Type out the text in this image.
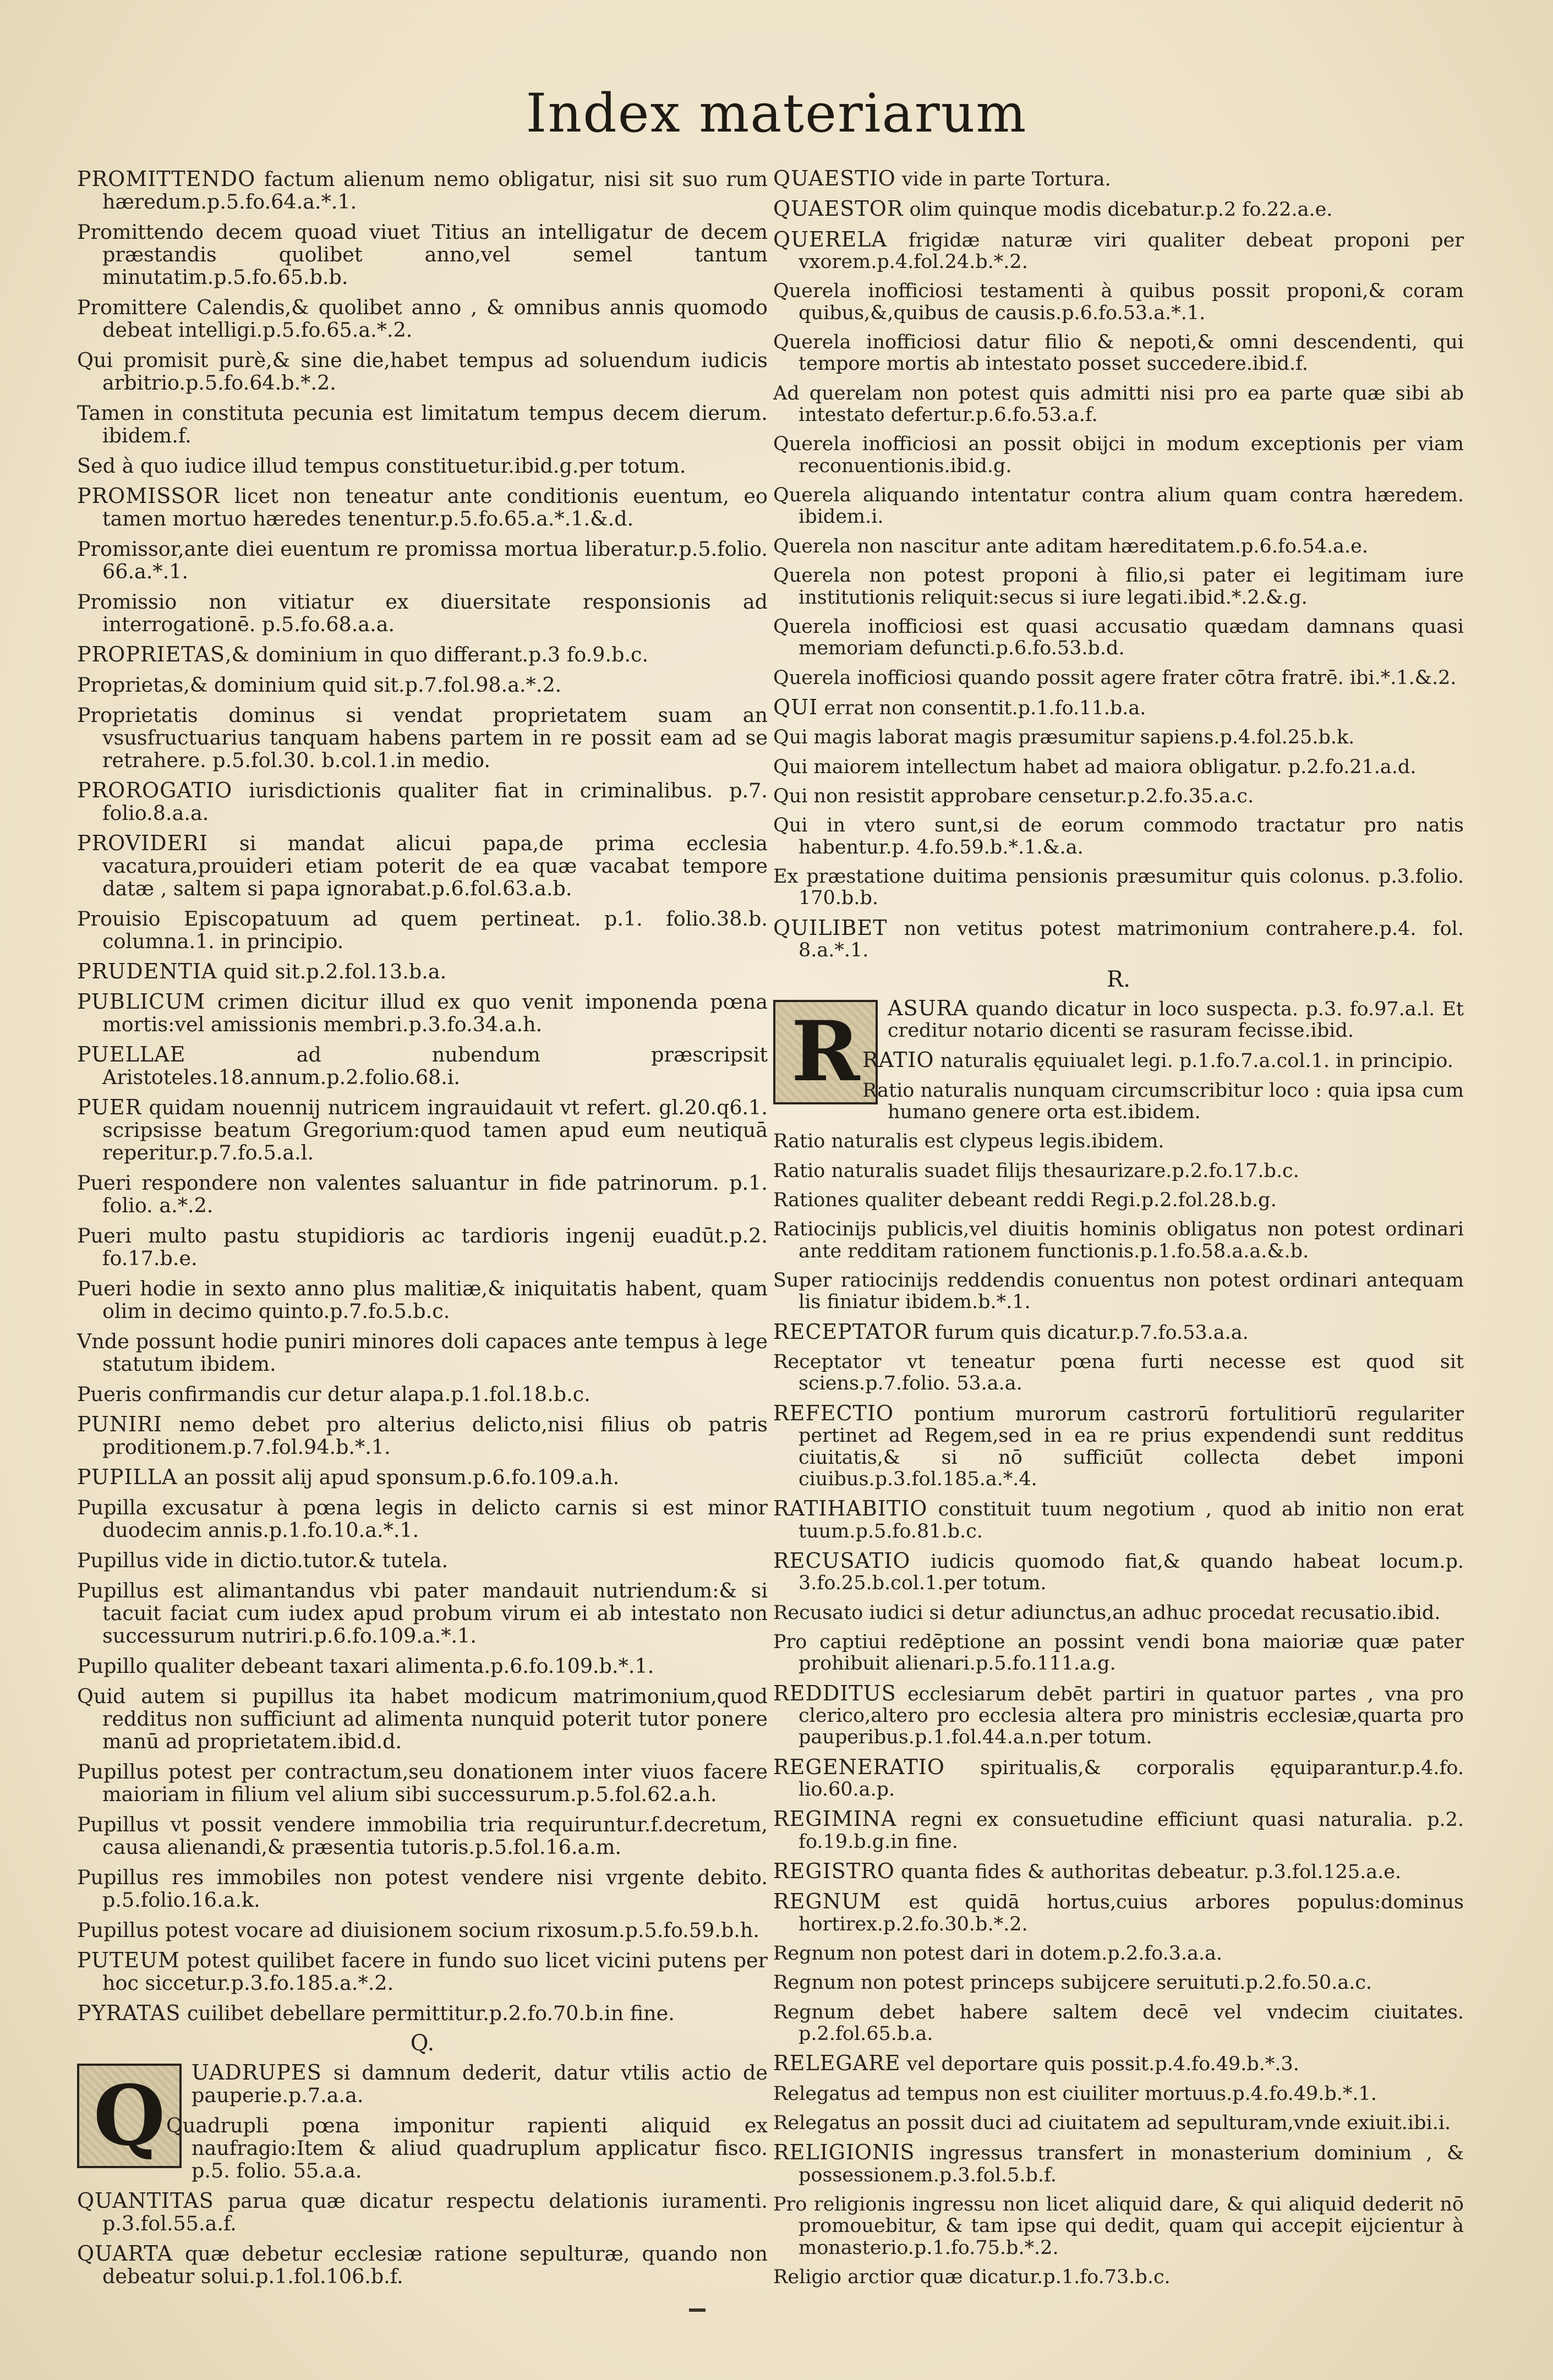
Index materiarum
PROMITTENDO factum alienum nemo obligatur, nisi sit suo rum hæredum.p.5.fo.64.a.*.1.
Promittendo decem quoad viuet Titius an intelligatur de decem præstandis quolibet anno,vel semel tantum minutatim.p.5.fo.65.b.b.
Promittere Calendis,& quolibet anno , & omnibus annis quomodo debeat intelligi.p.5.fo.65.a.*.2.
Qui promisit purè,& sine die,habet tempus ad soluendum iudicis arbitrio.p.5.fo.64.b.*.2.
Tamen in constituta pecunia est limitatum tempus decem dierum. ibidem.f.
Sed à quo iudice illud tempus constituetur.ibid.g.per totum.
PROMISSOR licet non teneatur ante conditionis euentum, eo tamen mortuo hæredes tenentur.p.5.fo.65.a.*.1.&.d.
Promissor,ante diei euentum re promissa mortua liberatur.p.5.folio. 66.a.*.1.
Promissio non vitiatur ex diuersitate responsionis ad interrogationē. p.5.fo.68.a.a.
PROPRIETAS,& dominium in quo differant.p.3 fo.9.b.c.
Proprietas,& dominium quid sit.p.7.fol.98.a.*.2.
Proprietatis dominus si vendat proprietatem suam an vsusfructuarius tanquam habens partem in re possit eam ad se retrahere. p.5.fol.30. b.col.1.in medio.
PROROGATIO iurisdictionis qualiter fiat in criminalibus. p.7. folio.8.a.a.
PROVIDERI si mandat alicui papa,de prima ecclesia vacatura,prouideri etiam poterit de ea quæ vacabat tempore datæ , saltem si papa ignorabat.p.6.fol.63.a.b.
Prouisio Episcopatuum ad quem pertineat. p.1. folio.38.b. columna.1. in principio.
PRUDENTIA quid sit.p.2.fol.13.b.a.
PUBLICUM crimen dicitur illud ex quo venit imponenda pœna mortis:vel amissionis membri.p.3.fo.34.a.h.
PUELLAE ad nubendum præscripsit Aristoteles.18.annum.p.2.folio.68.i.
PUER quidam nouennij nutricem ingrauidauit vt refert. gl.20.q6.1. scripsisse beatum Gregorium:quod tamen apud eum neutiquā reperitur.p.7.fo.5.a.l.
Pueri respondere non valentes saluantur in fide patrinorum. p.1. folio. a.*.2.
Pueri multo pastu stupidioris ac tardioris ingenij euadūt.p.2. fo.17.b.e.
Pueri hodie in sexto anno plus malitiæ,& iniquitatis habent, quam olim in decimo quinto.p.7.fo.5.b.c.
Vnde possunt hodie puniri minores doli capaces ante tempus à lege statutum ibidem.
Pueris confirmandis cur detur alapa.p.1.fol.18.b.c.
PUNIRI nemo debet pro alterius delicto,nisi filius ob patris proditionem.p.7.fol.94.b.*.1.
PUPILLA an possit alij apud sponsum.p.6.fo.109.a.h.
Pupilla excusatur à pœna legis in delicto carnis si est minor duodecim annis.p.1.fo.10.a.*.1.
Pupillus vide in dictio.tutor.& tutela.
Pupillus est alimantandus vbi pater mandauit nutriendum:& si tacuit faciat cum iudex apud probum virum ei ab intestato non successurum nutriri.p.6.fo.109.a.*.1.
Pupillo qualiter debeant taxari alimenta.p.6.fo.109.b.*.1.
Quid autem si pupillus ita habet modicum matrimonium,quod redditus non sufficiunt ad alimenta nunquid poterit tutor ponere manū ad proprietatem.ibid.d.
Pupillus potest per contractum,seu donationem inter viuos facere maioriam in filium vel alium sibi successurum.p.5.fol.62.a.h.
Pupillus vt possit vendere immobilia tria requiruntur.f.decretum, causa alienandi,& præsentia tutoris.p.5.fol.16.a.m.
Pupillus res immobiles non potest vendere nisi vrgente debito. p.5.folio.16.a.k.
Pupillus potest vocare ad diuisionem socium rixosum.p.5.fo.59.b.h.
PUTEUM potest quilibet facere in fundo suo licet vicini putens per hoc siccetur.p.3.fo.185.a.*.2.
PYRATAS cuilibet debellare permittitur.p.2.fo.70.b.in fine.
Q.
Q	UADRUPES si damnum dederit, datur vtilis actio de pauperie.p.7.a.a.
Quadrupli pœna imponitur rapienti aliquid ex naufragio:Item & aliud quadruplum applicatur fisco. p.5. folio. 55.a.a.
QUANTITAS parua quæ dicatur respectu delationis iuramenti. p.3.fol.55.a.f.
QUARTA quæ debetur ecclesiæ ratione sepulturæ, quando non debeatur solui.p.1.fol.106.b.f.
QUAESTIO vide in parte Tortura.
QUAESTOR olim quinque modis dicebatur.p.2 fo.22.a.e.
QUERELA frigidæ naturæ viri qualiter debeat proponi per vxorem.p.4.fol.24.b.*.2.
Querela inofficiosi testamenti à quibus possit proponi,& coram quibus,&,quibus de causis.p.6.fo.53.a.*.1.
Querela inofficiosi datur filio & nepoti,& omni descendenti, qui tempore mortis ab intestato posset succedere.ibid.f.
Ad querelam non potest quis admitti nisi pro ea parte quæ sibi ab intestato defertur.p.6.fo.53.a.f.
Querela inofficiosi an possit obijci in modum exceptionis per viam reconuentionis.ibid.g.
Querela aliquando intentatur contra alium quam contra hæredem. ibidem.i.
Querela non nascitur ante aditam hæreditatem.p.6.fo.54.a.e.
Querela non potest proponi à filio,si pater ei legitimam iure institutionis reliquit:secus si iure legati.ibid.*.2.&.g.
Querela inofficiosi est quasi accusatio quædam damnans quasi memoriam defuncti.p.6.fo.53.b.d.
Querela inofficiosi quando possit agere frater cōtra fratrē. ibi.*.1.&.2.
QUI errat non consentit.p.1.fo.11.b.a.
Qui magis laborat magis præsumitur sapiens.p.4.fol.25.b.k.
Qui maiorem intellectum habet ad maiora obligatur. p.2.fo.21.a.d.
Qui non resistit approbare censetur.p.2.fo.35.a.c.
Qui in vtero sunt,si de eorum commodo tractatur pro natis habentur.p. 4.fo.59.b.*.1.&.a.
Ex præstatione duitima pensionis præsumitur quis colonus. p.3.folio. 170.b.b.
QUILIBET non vetitus potest matrimonium contrahere.p.4. fol. 8.a.*.1.
R.
R	ASURA quando dicatur in loco suspecta. p.3. fo.97.a.l. Et creditur notario dicenti se rasuram fecisse.ibid.
RATIO naturalis ęquiualet legi. p.1.fo.7.a.col.1. in principio.
Ratio naturalis nunquam circumscribitur loco : quia ipsa cum humano genere orta est.ibidem.
Ratio naturalis est clypeus legis.ibidem.
Ratio naturalis suadet filijs thesaurizare.p.2.fo.17.b.c.
Rationes qualiter debeant reddi Regi.p.2.fol.28.b.g.
Ratiocinijs publicis,vel diuitis hominis obligatus non potest ordinari ante redditam rationem functionis.p.1.fo.58.a.a.&.b.
Super ratiocinijs reddendis conuentus non potest ordinari antequam lis finiatur ibidem.b.*.1.
RECEPTATOR furum quis dicatur.p.7.fo.53.a.a.
Receptator vt teneatur pœna furti necesse est quod sit sciens.p.7.folio. 53.a.a.
REFECTIO pontium murorum castrorū fortulitiorū regulariter pertinet ad Regem,sed in ea re prius expendendi sunt redditus ciuitatis,& si nō sufficiūt collecta debet imponi ciuibus.p.3.fol.185.a.*.4.
RATIHABITIO constituit tuum negotium , quod ab initio non erat tuum.p.5.fo.81.b.c.
RECUSATIO iudicis quomodo fiat,& quando habeat locum.p. 3.fo.25.b.col.1.per totum.
Recusato iudici si detur adiunctus,an adhuc procedat recusatio.ibid.
Pro captiui redēptione an possint vendi bona maioriæ quæ pater prohibuit alienari.p.5.fo.111.a.g.
REDDITUS ecclesiarum debēt partiri in quatuor partes , vna pro clerico,altero pro ecclesia altera pro ministris ecclesiæ,quarta pro pauperibus.p.1.fol.44.a.n.per totum.
REGENERATIO spiritualis,& corporalis ęquiparantur.p.4.fo. lio.60.a.p.
REGIMINA regni ex consuetudine efficiunt quasi naturalia. p.2. fo.19.b.g.in fine.
REGISTRO quanta fides & authoritas debeatur. p.3.fol.125.a.e.
REGNUM est quidā hortus,cuius arbores populus:dominus hortirex.p.2.fo.30.b.*.2.
Regnum non potest dari in dotem.p.2.fo.3.a.a.
Regnum non potest princeps subijcere seruituti.p.2.fo.50.a.c.
Regnum debet habere saltem decē vel vndecim ciuitates. p.2.fol.65.b.a.
RELEGARE vel deportare quis possit.p.4.fo.49.b.*.3.
Relegatus ad tempus non est ciuiliter mortuus.p.4.fo.49.b.*.1.
Relegatus an possit duci ad ciuitatem ad sepulturam,vnde exiuit.ibi.i.
RELIGIONIS ingressus transfert in monasterium dominium , & possessionem.p.3.fol.5.b.f.
Pro religionis ingressu non licet aliquid dare, & qui aliquid dederit nō promouebitur, & tam ipse qui dedit, quam qui accepit eijcientur à monasterio.p.1.fo.75.b.*.2.
Religio arctior quæ dicatur.p.1.fo.73.b.c.
